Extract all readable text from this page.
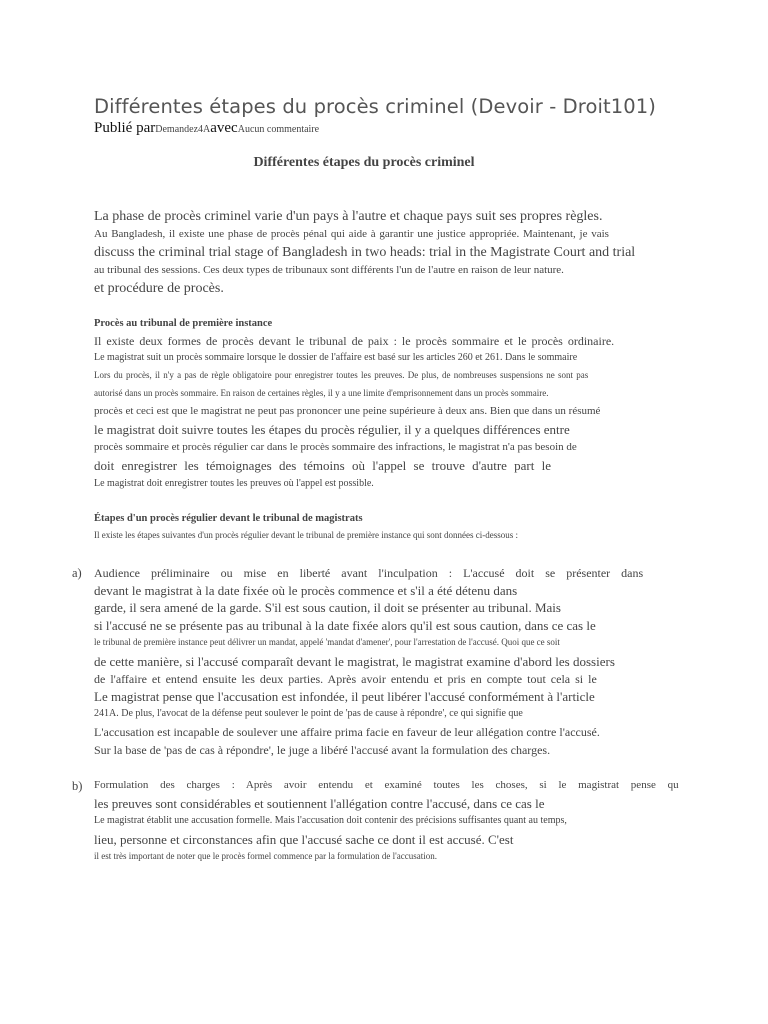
Différentes étapes du procès criminel (Devoir - Droit101)
Publié parDemandez4AavecAucun commentaire
Différentes étapes du procès criminel
La phase de procès criminel varie d'un pays à l'autre et chaque pays suit ses propres règles.
Au Bangladesh, il existe une phase de procès pénal qui aide à garantir une justice appropriée. Maintenant, je vais
discuss the criminal trial stage of Bangladesh in two heads: trial in the Magistrate Court and trial
au tribunal des sessions. Ces deux types de tribunaux sont différents l'un de l'autre en raison de leur nature.
et procédure de procès.
Procès au tribunal de première instance
Il existe deux formes de procès devant le tribunal de paix : le procès sommaire et le procès ordinaire.
Le magistrat suit un procès sommaire lorsque le dossier de l'affaire est basé sur les articles 260 et 261. Dans le sommaire
Lors du procès, il n'y a pas de règle obligatoire pour enregistrer toutes les preuves. De plus, de nombreuses suspensions ne sont pas
autorisé dans un procès sommaire. En raison de certaines règles, il y a une limite d'emprisonnement dans un procès sommaire.
procès et ceci est que le magistrat ne peut pas prononcer une peine supérieure à deux ans. Bien que dans un résumé
le magistrat doit suivre toutes les étapes du procès régulier, il y a quelques différences entre
procès sommaire et procès régulier car dans le procès sommaire des infractions, le magistrat n'a pas besoin de
doit enregistrer les témoignages des témoins où l'appel se trouve d'autre part le
Le magistrat doit enregistrer toutes les preuves où l'appel est possible.
Étapes d'un procès régulier devant le tribunal de magistrats
Il existe les étapes suivantes d'un procès régulier devant le tribunal de première instance qui sont données ci-dessous :
a) Audience préliminaire ou mise en liberté avant l'inculpation : L'accusé doit se présenter dans
devant le magistrat à la date fixée où le procès commence et s'il a été détenu dans
garde, il sera amené de la garde. S'il est sous caution, il doit se présenter au tribunal. Mais
si l'accusé ne se présente pas au tribunal à la date fixée alors qu'il est sous caution, dans ce cas le
le tribunal de première instance peut délivrer un mandat, appelé 'mandat d'amener', pour l'arrestation de l'accusé. Quoi que ce soit
de cette manière, si l'accusé comparaît devant le magistrat, le magistrat examine d'abord les dossiers
de l'affaire et entend ensuite les deux parties. Après avoir entendu et pris en compte tout cela si le
Le magistrat pense que l'accusation est infondée, il peut libérer l'accusé conformément à l'article
241A. De plus, l'avocat de la défense peut soulever le point de 'pas de cause à répondre', ce qui signifie que
L'accusation est incapable de soulever une affaire prima facie en faveur de leur allégation contre l'accusé.
Sur la base de 'pas de cas à répondre', le juge a libéré l'accusé avant la formulation des charges.
b) Formulation des charges : Après avoir entendu et examiné toutes les choses, si le magistrat pense qu
les preuves sont considérables et soutiennent l'allégation contre l'accusé, dans ce cas le
Le magistrat établit une accusation formelle. Mais l'accusation doit contenir des précisions suffisantes quant au temps,
lieu, personne et circonstances afin que l'accusé sache ce dont il est accusé. C'est
il est très important de noter que le procès formel commence par la formulation de l'accusation.
